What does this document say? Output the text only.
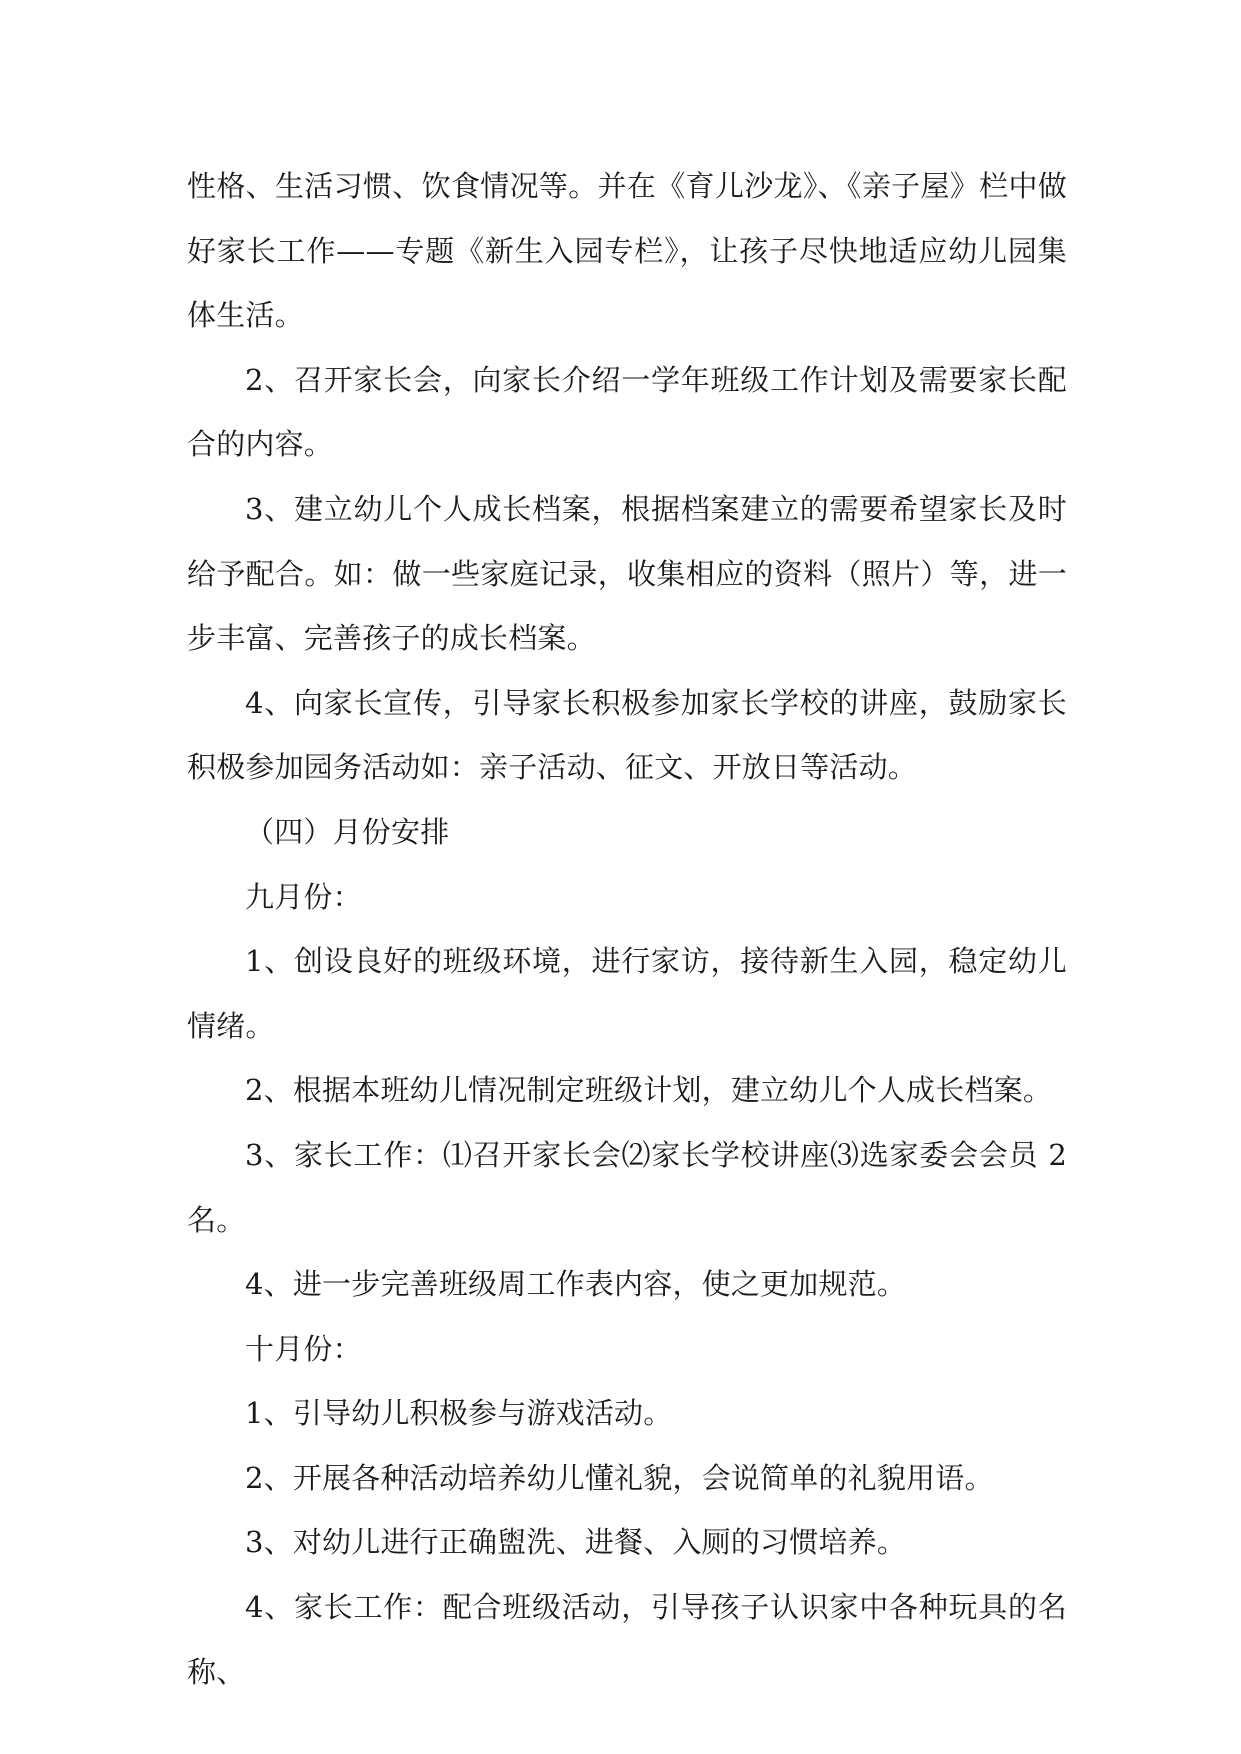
性格、生活习惯、饮食情况等。并在《育儿沙龙》、《亲子屋》栏中做好家长工作——专题《新生入园专栏》，让孩子尽快地适应幼儿园集体生活。

2、召开家长会，向家长介绍一学年班级工作计划及需要家长配合的内容。

3、建立幼儿个人成长档案，根据档案建立的需要希望家长及时给予配合。如：做一些家庭记录，收集相应的资料（照片）等，进一步丰富、完善孩子的成长档案。

4、向家长宣传，引导家长积极参加家长学校的讲座，鼓励家长积极参加园务活动如：亲子活动、征文、开放日等活动。

（四）月份安排

九月份：

1、创设良好的班级环境，进行家访，接待新生入园，稳定幼儿情绪。

2、根据本班幼儿情况制定班级计划，建立幼儿个人成长档案。

3、家长工作：⑴召开家长会⑵家长学校讲座⑶选家委会会员 2 名。

4、进一步完善班级周工作表内容，使之更加规范。

十月份：

1、引导幼儿积极参与游戏活动。

2、开展各种活动培养幼儿懂礼貌，会说简单的礼貌用语。

3、对幼儿进行正确盥洗、进餐、入厕的习惯培养。

4、家长工作：配合班级活动，引导孩子认识家中各种玩具的名称、
